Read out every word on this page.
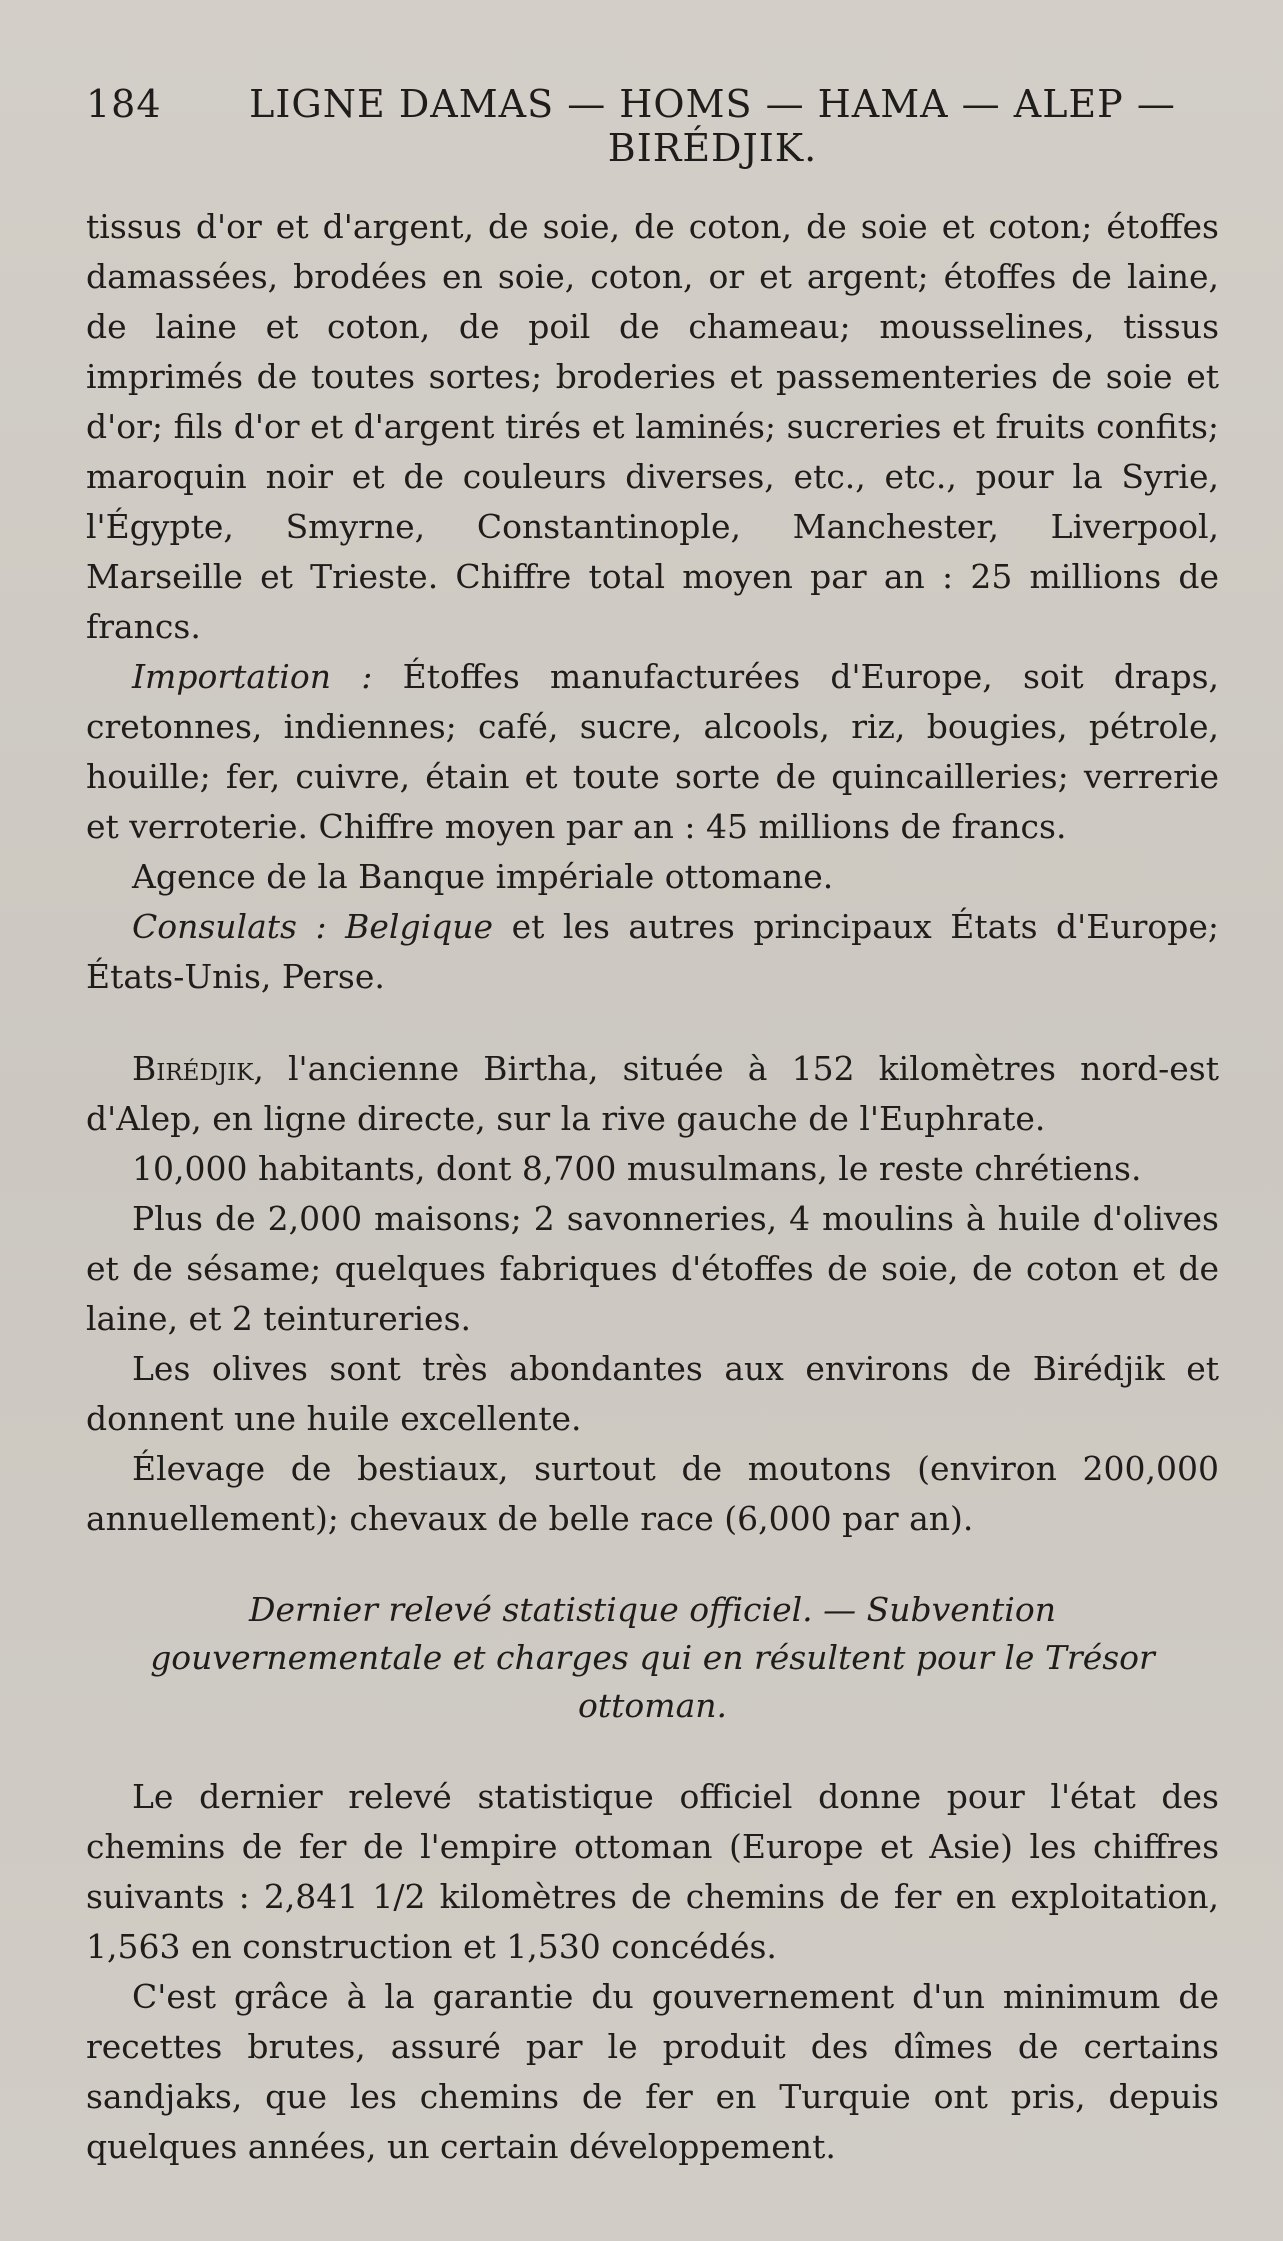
184	LIGNE DAMAS — HOMS — HAMA — ALEP — BIRÉDJIK.

tissus d'or et d'argent, de soie, de coton, de soie et coton; étoffes damassées, brodées en soie, coton, or et argent; étoffes de laine, de laine et coton, de poil de chameau; mousselines, tissus imprimés de toutes sortes; broderies et passementeries de soie et d'or; fils d'or et d'argent tirés et laminés; sucreries et fruits confits; maroquin noir et de couleurs diverses, etc., etc., pour la Syrie, l'Égypte, Smyrne, Constantinople, Manchester, Liverpool, Marseille et Trieste. Chiffre total moyen par an : 25 millions de francs.

Importation : Étoffes manufacturées d'Europe, soit draps, cretonnes, indiennes; café, sucre, alcools, riz, bougies, pétrole, houille; fer, cuivre, étain et toute sorte de quincailleries; verrerie et verroterie. Chiffre moyen par an : 45 millions de francs.

Agence de la Banque impériale ottomane.

Consulats : Belgique et les autres principaux États d'Europe; États-Unis, Perse.

Birédjik, l'ancienne Birtha, située à 152 kilomètres nord-est d'Alep, en ligne directe, sur la rive gauche de l'Euphrate.

10,000 habitants, dont 8,700 musulmans, le reste chrétiens.

Plus de 2,000 maisons; 2 savonneries, 4 moulins à huile d'olives et de sésame; quelques fabriques d'étoffes de soie, de coton et de laine, et 2 teintureries.

Les olives sont très abondantes aux environs de Birédjik et donnent une huile excellente.

Élevage de bestiaux, surtout de moutons (environ 200,000 annuellement); chevaux de belle race (6,000 par an).

Dernier relevé statistique officiel. — Subvention gouvernementale et charges qui en résultent pour le Trésor ottoman.

Le dernier relevé statistique officiel donne pour l'état des chemins de fer de l'empire ottoman (Europe et Asie) les chiffres suivants : 2,841 1/2 kilomètres de chemins de fer en exploitation, 1,563 en construction et 1,530 concédés.

C'est grâce à la garantie du gouvernement d'un minimum de recettes brutes, assuré par le produit des dîmes de certains sandjaks, que les chemins de fer en Turquie ont pris, depuis quelques années, un certain développement.
